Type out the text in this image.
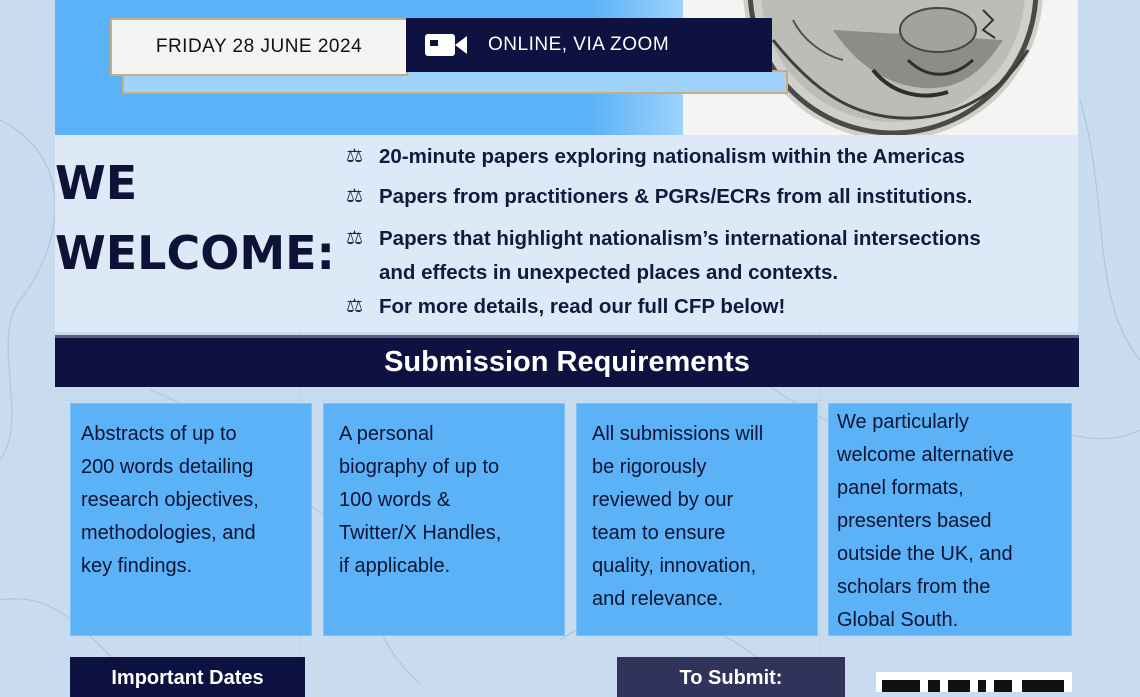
FRIDAY 28 JUNE 2024	ONLINE, VIA ZOOM
WE
WELCOME:
⚖ 20-minute papers exploring nationalism within the Americas
⚖ Papers from practitioners & PGRs/ECRs from all institutions.
⚖ Papers that highlight nationalism’s international intersections
and effects in unexpected places and contexts.
⚖ For more details, read our full CFP below!
Submission Requirements
Abstracts of up to
200 words detailing
research objectives,
methodologies, and
key findings.
A personal
biography of up to
100 words &
Twitter/X Handles,
if applicable.
All submissions will
be rigorously
reviewed by our
team to ensure
quality, innovation,
and relevance.
We particularly
welcome alternative
panel formats,
presenters based
outside the UK, and
scholars from the
Global South.
Important Dates	To Submit:
